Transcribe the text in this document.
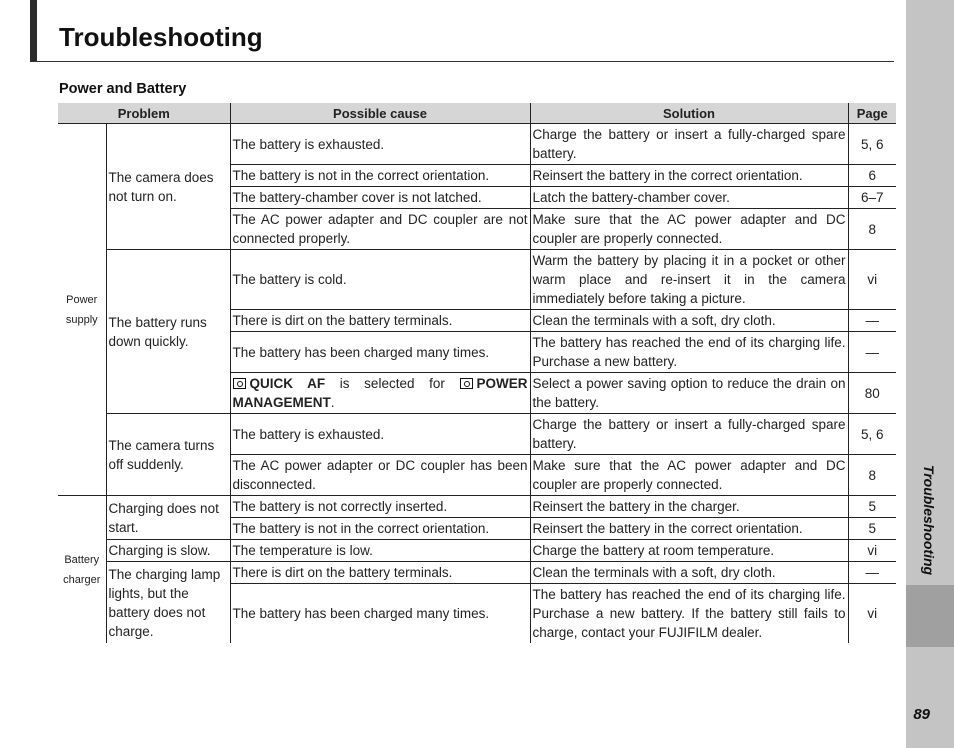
Troubleshooting
Troubleshooting
89
Power and Battery
Problem		Possible cause	Solution	Page
Power supply	The camera does not turn on.	The battery is exhausted.	Charge the battery or insert a fully-charged spare battery.	5, 6
		The battery is not in the correct orientation.	Reinsert the battery in the correct orientation.	6
		The battery-chamber cover is not latched.	Latch the battery-chamber cover.	6–7
		The AC power adapter and DC coupler are not connected properly.	Make sure that the AC power adapter and DC coupler are properly connected.	8
	The battery runs down quickly.	The battery is cold.	Warm the battery by placing it in a pocket or other warm place and re-insert it in the camera immediately before taking a picture.	vi
		There is dirt on the battery terminals.	Clean the terminals with a soft, dry cloth.	—
		The battery has been charged many times.	The battery has reached the end of its charging life. Purchase a new battery.	—
		QUICK AF is selected for POWER MANAGEMENT.	Select a power saving option to reduce the drain on the battery.	80
	The camera turns off suddenly.	The battery is exhausted.	Charge the battery or insert a fully-charged spare battery.	5, 6
		The AC power adapter or DC coupler has been disconnected.	Make sure that the AC power adapter and DC coupler are properly connected.	8
Battery charger	Charging does not start.	The battery is not correctly inserted.	Reinsert the battery in the charger.	5
		The battery is not in the correct orientation.	Reinsert the battery in the correct orientation.	5
	Charging is slow.	The temperature is low.	Charge the battery at room temperature.	vi
	The charging lamp lights, but the battery does not charge.	There is dirt on the battery terminals.	Clean the terminals with a soft, dry cloth.	—
		The battery has been charged many times.	The battery has reached the end of its charging life. Purchase a new battery. If the battery still fails to charge, contact your FUJIFILM dealer.	vi
